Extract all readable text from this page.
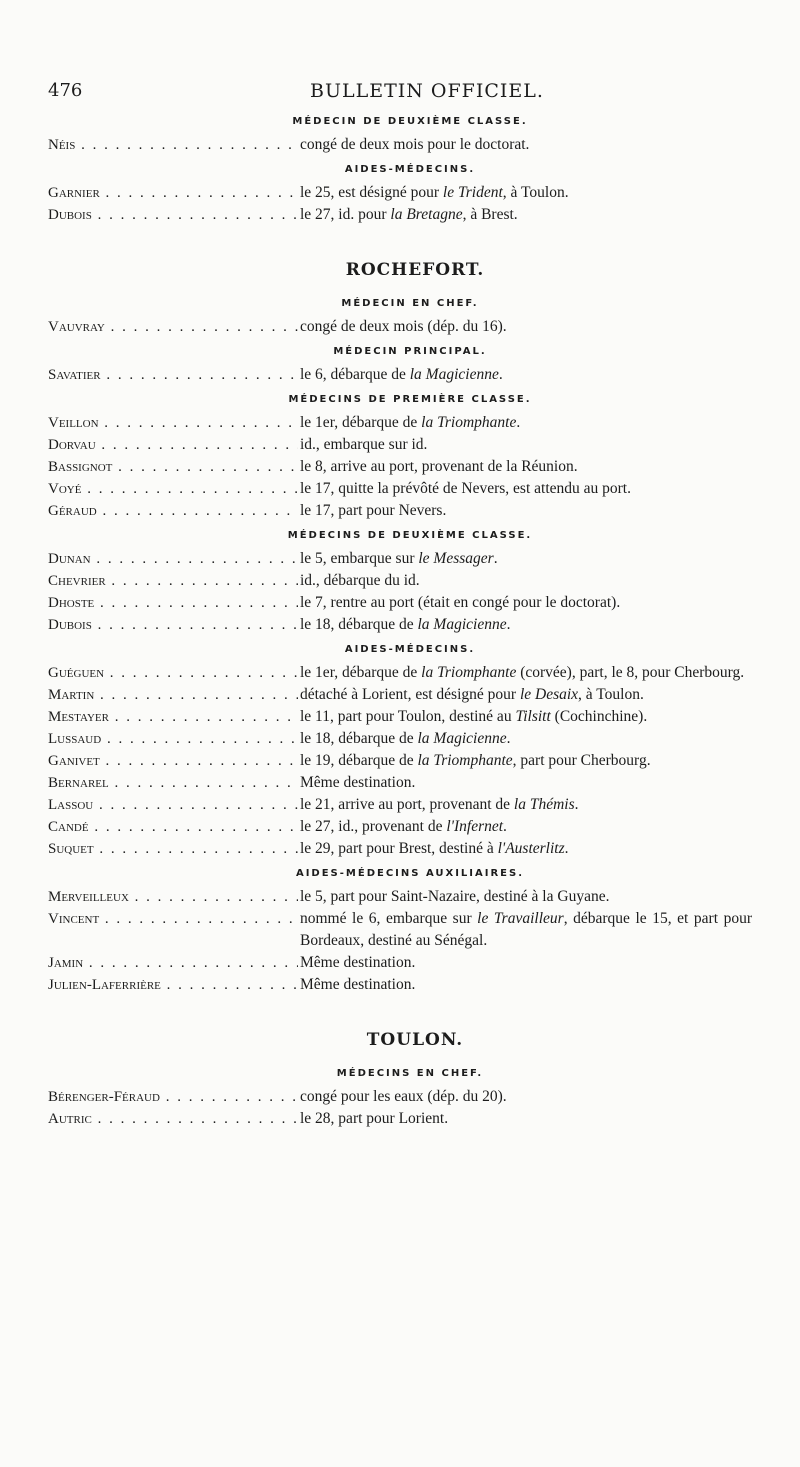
476	BULLETIN OFFICIEL.
MÉDECIN DE DEUXIÈME CLASSE.
Néis . . .	congé de deux mois pour le doctorat.
AIDES-MÉDECINS.
Garnier . . .	le 25, est désigné pour le Trident, à Toulon.
Dubois . . .	le 27, id. pour la Bretagne, à Brest.
ROCHEFORT.
MÉDECIN EN CHEF.
Vauvray . . .	congé de deux mois (dép. du 16).
MÉDECIN PRINCIPAL.
Savatier . . .	le 6, débarque de la Magicienne.
MÉDECINS DE PREMIÈRE CLASSE.
Veillon . . .	le 1er, débarque de la Triomphante.
Dorvau . . .	id., embarque sur id.
Bassignot . . .	le 8, arrive au port, provenant de la Réunion.
Voyé . . .	le 17, quitte la prévôté de Nevers, est attendu au port.
Géraud . . .	le 17, part pour Nevers.
MÉDECINS DE DEUXIÈME CLASSE.
Dunan . . .	le 5, embarque sur le Messager.
Chevrier . . .	id., débarque du id.
Dhoste . . .	le 7, rentre au port (était en congé pour le doctorat).
Dubois . . .	le 18, débarque de la Magicienne.
AIDES-MÉDECINS.
Guéguen . . .	le 1er, débarque de la Triomphante (corvée), part, le 8, pour Cherbourg.
Martin . . .	détaché à Lorient, est désigné pour le Desaix, à Toulon.
Mestayer . . .	le 11, part pour Toulon, destiné au Tilsitt (Cochinchine).
Lussaud . . .	le 18, débarque de la Magicienne.
Ganivet . . .	le 19, débarque de la Triomphante, part pour Cherbourg.
Bernarel . . .	Même destination.
Lassou . . .	le 21, arrive au port, provenant de la Thémis.
Candé . . .	le 27, id., provenant de l'Infernet.
Suquet . . .	le 29, part pour Brest, destiné à l'Austerlitz.
AIDES-MÉDECINS AUXILIAIRES.
Merveilleux . . .	le 5, part pour Saint-Nazaire, destiné à la Guyane.
Vincent . . .	nommé le 6, embarque sur le Travailleur, débarque le 15, et part pour Bordeaux, destiné au Sénégal.
Jamin . . .	Même destination.
Julien-Laferrière . . .	Même destination.
TOULON.
MÉDECINS EN CHEF.
Bérenger-Féraud . . .	congé pour les eaux (dép. du 20).
Autric . . .	le 28, part pour Lorient.
